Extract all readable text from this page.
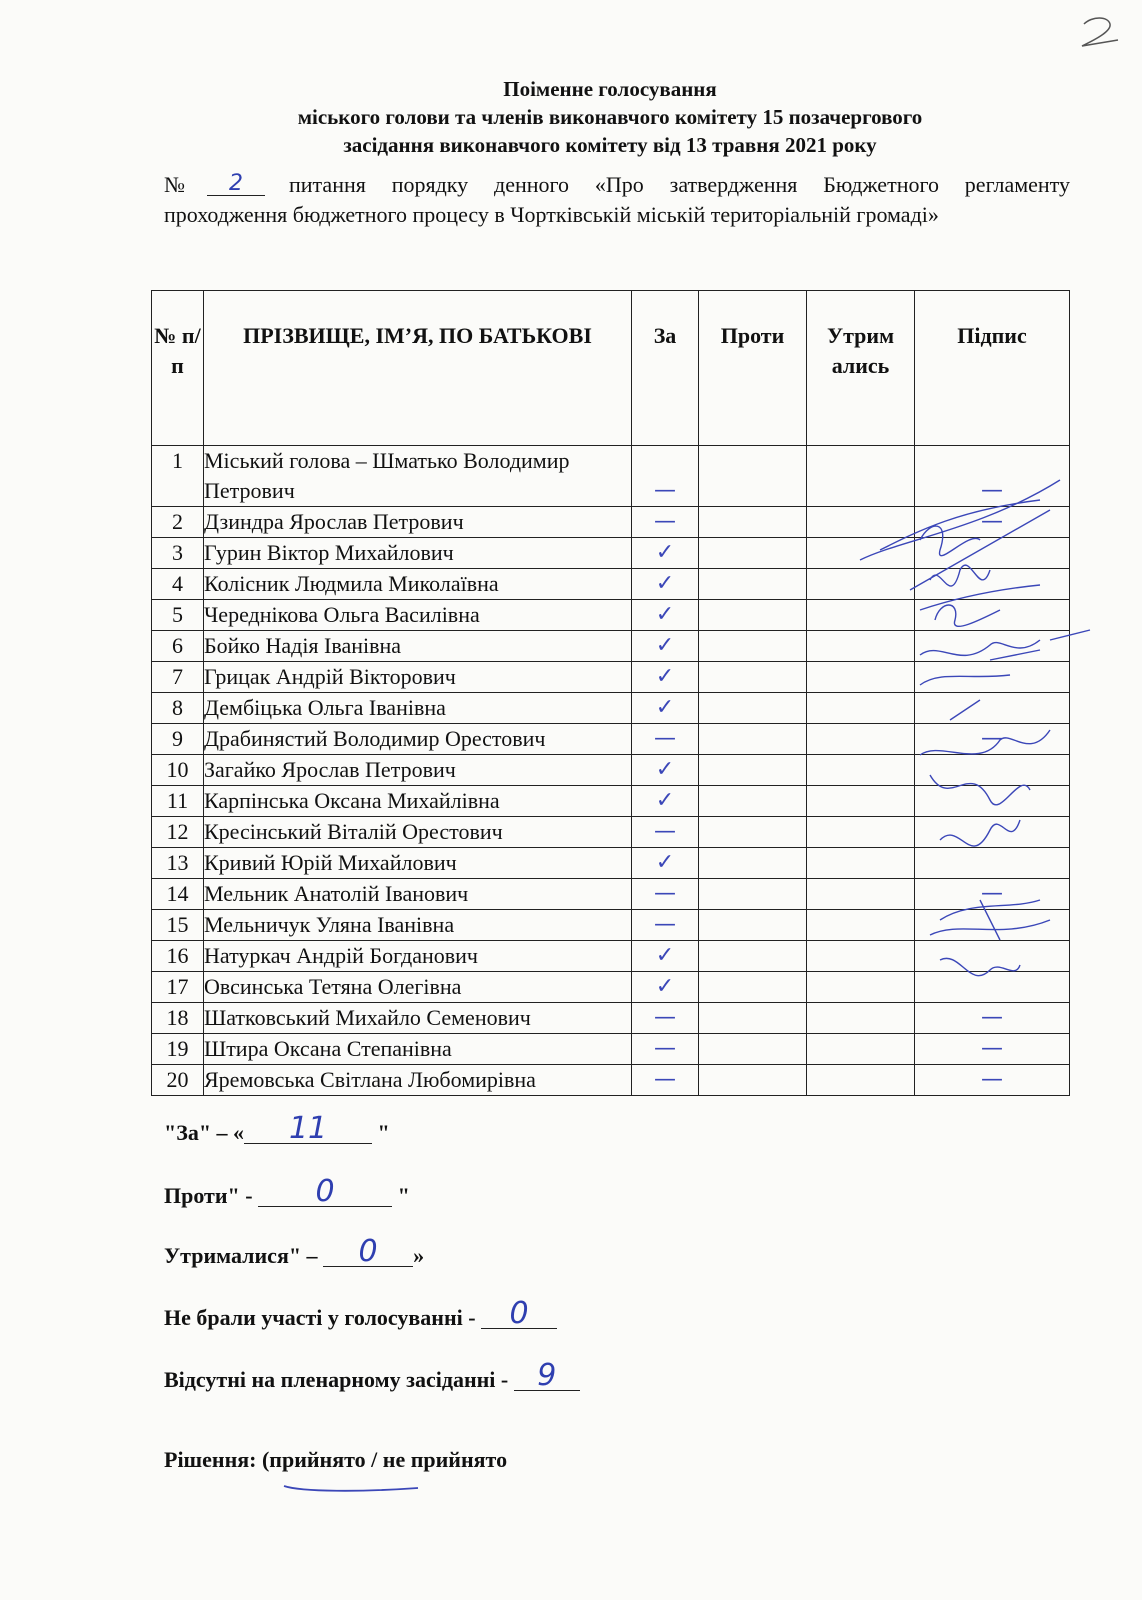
Поіменне голосування
міського голови та членів виконавчого комітету 15 позачергового
засідання виконавчого комітету від 13 травня 2021 року
№ 2 питання порядку денного «Про затвердження Бюджетного регламенту проходження бюджетного процесу в Чортківській міській територіальній громаді»
№ п/ п	ПРІЗВИЩЕ, ІМ’Я, ПО БАТЬКОВІ	За	Проти	Утрим ались	Підпис
1	Міський голова – Шматько Володимир Петрович	—			—
2	Дзиндра Ярослав Петрович	—			—
3	Гурин Віктор Михайлович	✓			
4	Колісник Людмила Миколаївна	✓			
5	Череднікова Ольга Василівна	✓			
6	Бойко Надія Іванівна	✓			
7	Грицак Андрій Вікторович	✓			
8	Дембіцька Ольга Іванівна	✓			
9	Драбинястий Володимир Орестович	—			—
10	Загайко Ярослав Петрович	✓			
11	Карпінська Оксана Михайлівна	✓			
12	Кресінський Віталій Орестович	—			
13	Кривий Юрій Михайлович	✓			
14	Мельник Анатолій Іванович	—			—
15	Мельничук Уляна Іванівна	—			
16	Натуркач Андрій Богданович	✓			
17	Овсинська Тетяна Олегівна	✓			
18	Шатковський Михайло Семенович	—			—
19	Штира Оксана Степанівна	—			—
20	Яремовська Світлана Любомирівна	—			—
"За" – « 11 "
Проти" - 0	"
Утрималися" – 0 »
Не брали участі у голосуванні - 0
Відсутні на пленарному засіданні - 9
Рішення: (прийнято / не прийнято
